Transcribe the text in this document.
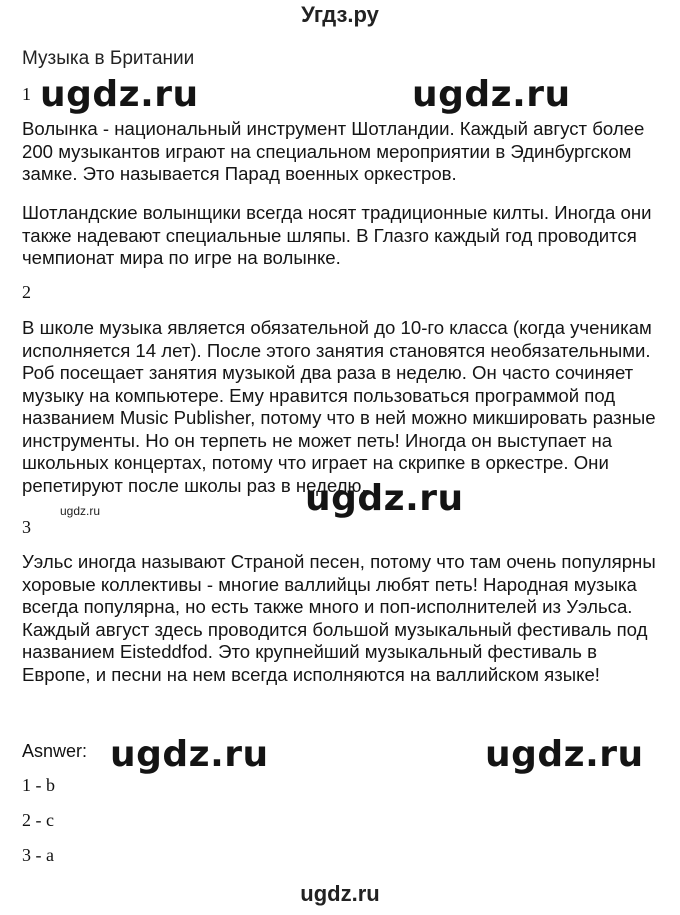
Угдз.ру
Музыка в Британии
1

Волынка - национальный инструмент Шотландии. Каждый август более 200 музыкантов играют на специальном мероприятии в Эдинбургском замке. Это называется Парад военных оркестров.

Шотландские волынщики всегда носят традиционные килты. Иногда они также надевают специальные шляпы. В Глазго каждый год проводится чемпионат мира по игре на волынке.

2

В школе музыка является обязательной до 10-го класса (когда ученикам исполняется 14 лет). После этого занятия становятся необязательными. Роб посещает занятия музыкой два раза в неделю. Он часто сочиняет музыку на компьютере. Ему нравится пользоваться программой под названием Music Publisher, потому что в ней можно микшировать разные инструменты. Но он терпеть не может петь! Иногда он выступает на школьных концертах, потому что играет на скрипке в оркестре. Они репетируют после школы раз в неделю.

3

Уэльс иногда называют Страной песен, потому что там очень популярны хоровые коллективы - многие валлийцы любят петь! Народная музыка всегда популярна, но есть также много и поп-исполнителей из Уэльса. Каждый август здесь проводится большой музыкальный фестиваль под названием Eisteddfod. Это крупнейший музыкальный фестиваль в Европе, и песни на нем всегда исполняются на валлийском языке!

Asnwer:
1 - b
2 - c
3 - a
ugdz.ru	ugdz.ru
ugdz.ru
ugdz.ru
ugdz.ru	ugdz.ru
ugdz.ru
